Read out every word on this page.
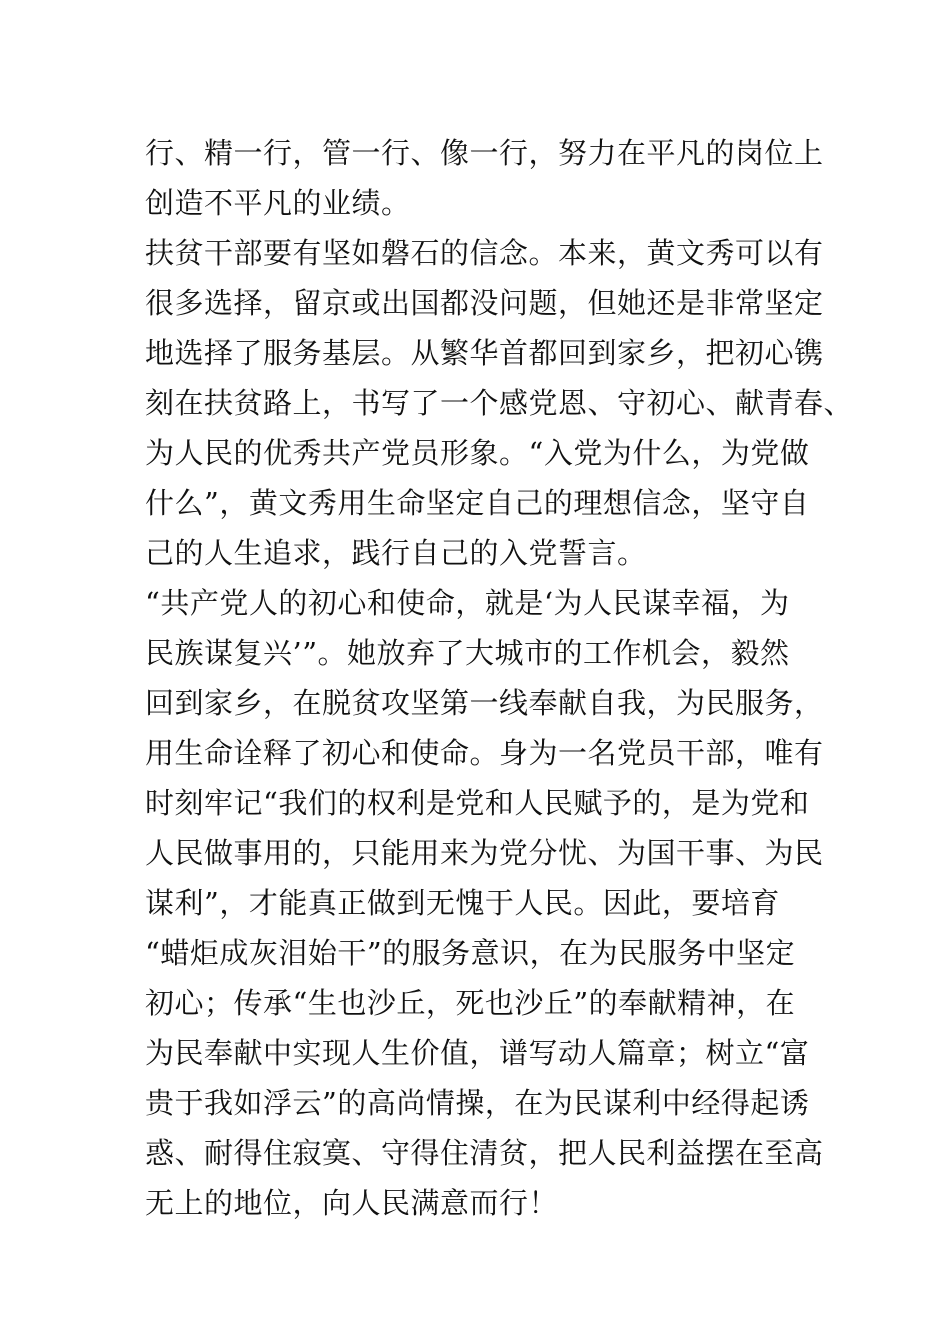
行、精一行，管一行、像一行，努力在平凡的岗位上
创造不平凡的业绩。
扶贫干部要有坚如磐石的信念。本来，黄文秀可以有
很多选择，留京或出国都没问题，但她还是非常坚定
地选择了服务基层。从繁华首都回到家乡，把初心镌
刻在扶贫路上，书写了一个感党恩、守初心、献青春、
为人民的优秀共产党员形象。“入党为什么，为党做
什么”，黄文秀用生命坚定自己的理想信念，坚守自
己的人生追求，践行自己的入党誓言。
“共产党人的初心和使命，就是‘为人民谋幸福，为
民族谋复兴’”。她放弃了大城市的工作机会，毅然
回到家乡，在脱贫攻坚第一线奉献自我，为民服务，
用生命诠释了初心和使命。身为一名党员干部，唯有
时刻牢记“我们的权利是党和人民赋予的，是为党和
人民做事用的，只能用来为党分忧、为国干事、为民
谋利”，才能真正做到无愧于人民。因此，要培育
“蜡炬成灰泪始干”的服务意识，在为民服务中坚定
初心；传承“生也沙丘，死也沙丘”的奉献精神，在
为民奉献中实现人生价值，谱写动人篇章；树立“富
贵于我如浮云”的高尚情操，在为民谋利中经得起诱
惑、耐得住寂寞、守得住清贫，把人民利益摆在至高
无上的地位，向人民满意而行！
